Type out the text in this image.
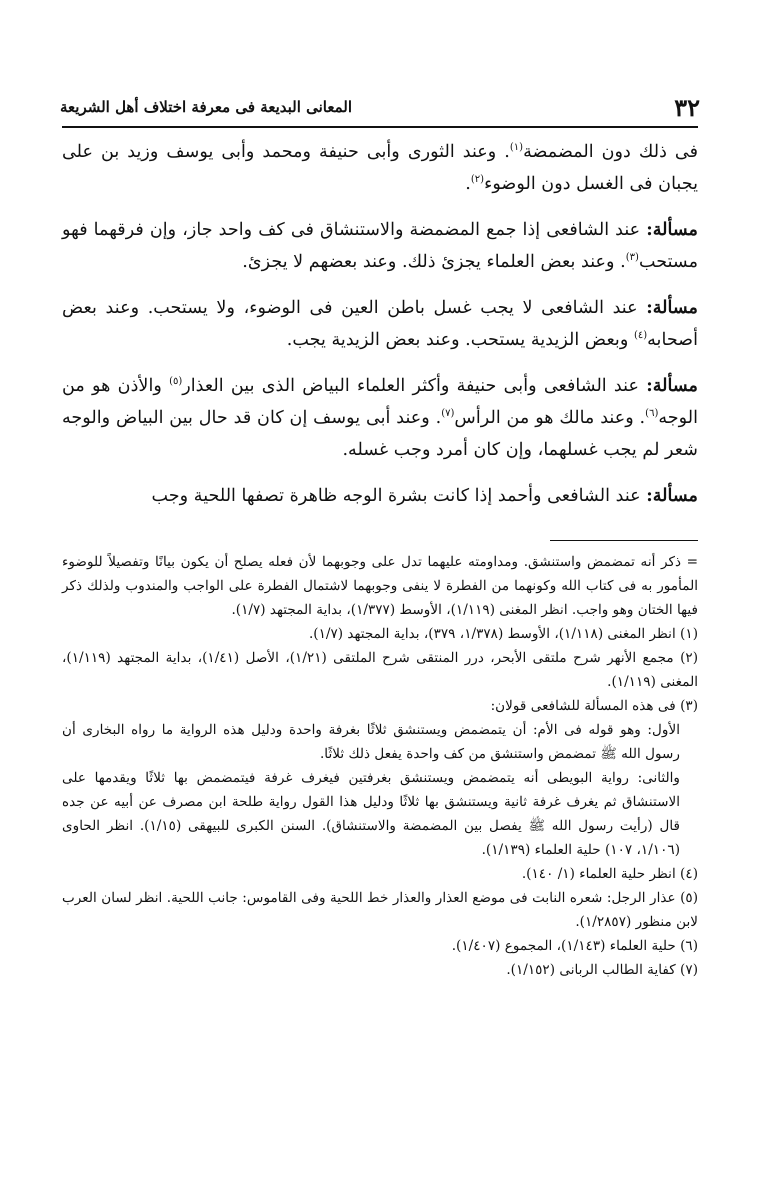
٣٢
المعانى البديعة فى معرفة اختلاف أهل الشريعة

فى ذلك دون المضمضة$^{(١)}$. وعند الثورى وأبى حنيفة ومحمد وأبى يوسف وزيد بن على يجبان فى الغسل دون الوضوء$^{(٢)}$.

مسألة: عند الشافعى إذا جمع المضمضة والاستنشاق فى كف واحد جاز، وإن فرقهما فهو مستحب$^{(٣)}$. وعند بعض العلماء يجزئ ذلك. وعند بعضهم لا يجزئ.

مسألة: عند الشافعى لا يجب غسل باطن العين فى الوضوء، ولا يستحب. وعند بعض أصحابه$^{(٤)}$ وبعض الزيدية يستحب. وعند بعض الزيدية يجب.

مسألة: عند الشافعى وأبى حنيفة وأكثر العلماء البياض الذى بين العذار$^{(٥)}$ والأذن هو من الوجه$^{(٦)}$. وعند مالك هو من الرأس$^{(٧)}$. وعند أبى يوسف إن كان قد حال بين البياض والوجه شعر لم يجب غسلهما، وإن كان أمرد وجب غسله.

مسألة: عند الشافعى وأحمد إذا كانت بشرة الوجه ظاهرة تصفها اللحية وجب

= ذكر أنه تمضمض واستنشق. ومداومته عليهما تدل على وجوبهما لأن فعله يصلح أن يكون بيانًا وتفصيلاً للوضوء المأمور به فى كتاب الله وكونهما من الفطرة لا ينفى وجوبهما لاشتمال الفطرة على الواجب والمندوب ولذلك ذكر فيها الختان وهو واجب. انظر المغنى (١/١١٩)، الأوسط (١/٣٧٧)، بداية المجتهد (١/٧).

(١) انظر المغنى (١/١١٨)، الأوسط (١/٣٧٨، ٣٧٩)، بداية المجتهد (١/٧).

(٢) مجمع الأنهر شرح ملتقى الأبحر، درر المنتقى شرح الملتقى (١/٢١)، الأصل (١/٤١)، بداية المجتهد (١/١١٩)، المغنى (١/١١٩).

(٣) فى هذه المسألة للشافعى قولان:

الأول: وهو قوله فى الأم: أن يتمضمض ويستنشق ثلاثًا بغرفة واحدة ودليل هذه الرواية ما رواه البخارى أن رسول الله ﷺ تمضمض واستنشق من كف واحدة يفعل ذلك ثلاثًا.

والثانى: رواية البويطى أنه يتمضمض ويستنشق بغرفتين فيغرف غرفة فيتمضمض بها ثلاثًا ويقدمها على الاستنشاق ثم يغرف غرفة ثانية ويستنشق بها ثلاثًا ودليل هذا القول رواية طلحة ابن مصرف عن أبيه عن جده قال (رأيت رسول الله ﷺ يفصل بين المضمضة والاستنشاق). السنن الكبرى للبيهقى (١/١٥). انظر الحاوى (١/١٠٦، ١٠٧) حلية العلماء (١/١٣٩).

(٤) انظر حلية العلماء (١/ ١٤٠).

(٥) عذار الرجل: شعره النابت فى موضع العذار والعذار خط اللحية وفى القاموس: جانب اللحية. انظر لسان العرب لابن منظور (١/٢٨٥٧).

(٦) حلية العلماء (١/١٤٣)، المجموع (١/٤٠٧).

(٧) كفاية الطالب الربانى (١/١٥٢).
